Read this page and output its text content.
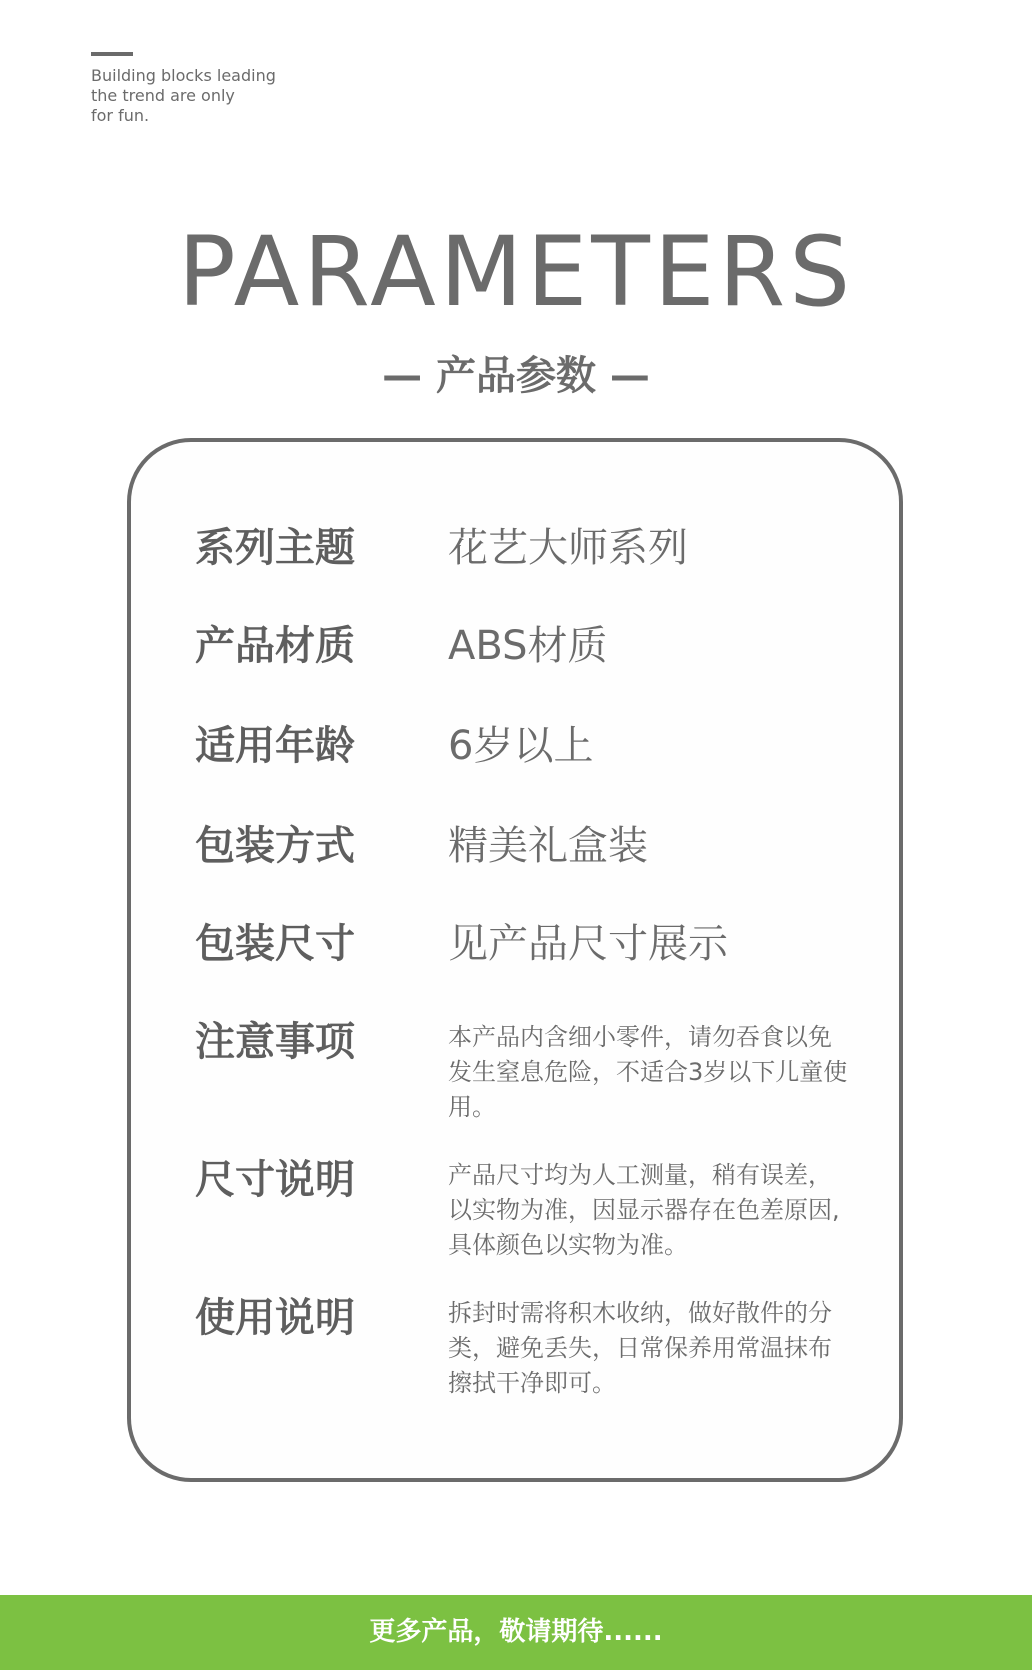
Building blocks leading
the trend are only
for fun.
PARAMETERS
— 产品参数 —
系列主题	花艺大师系列
产品材质	ABS材质
适用年龄	6岁以上
包装方式	精美礼盒装
包装尺寸	见产品尺寸展示
注意事项	本产品内含细小零件，请勿吞食以免发生窒息危险，不适合3岁以下儿童使用。
尺寸说明	产品尺寸均为人工测量，稍有误差，以实物为准，因显示器存在色差原因,具体颜色以实物为准。
使用说明	拆封时需将积木收纳，做好散件的分类，避免丢失，日常保养用常温抹布擦拭干净即可。
更多产品，敬请期待......
